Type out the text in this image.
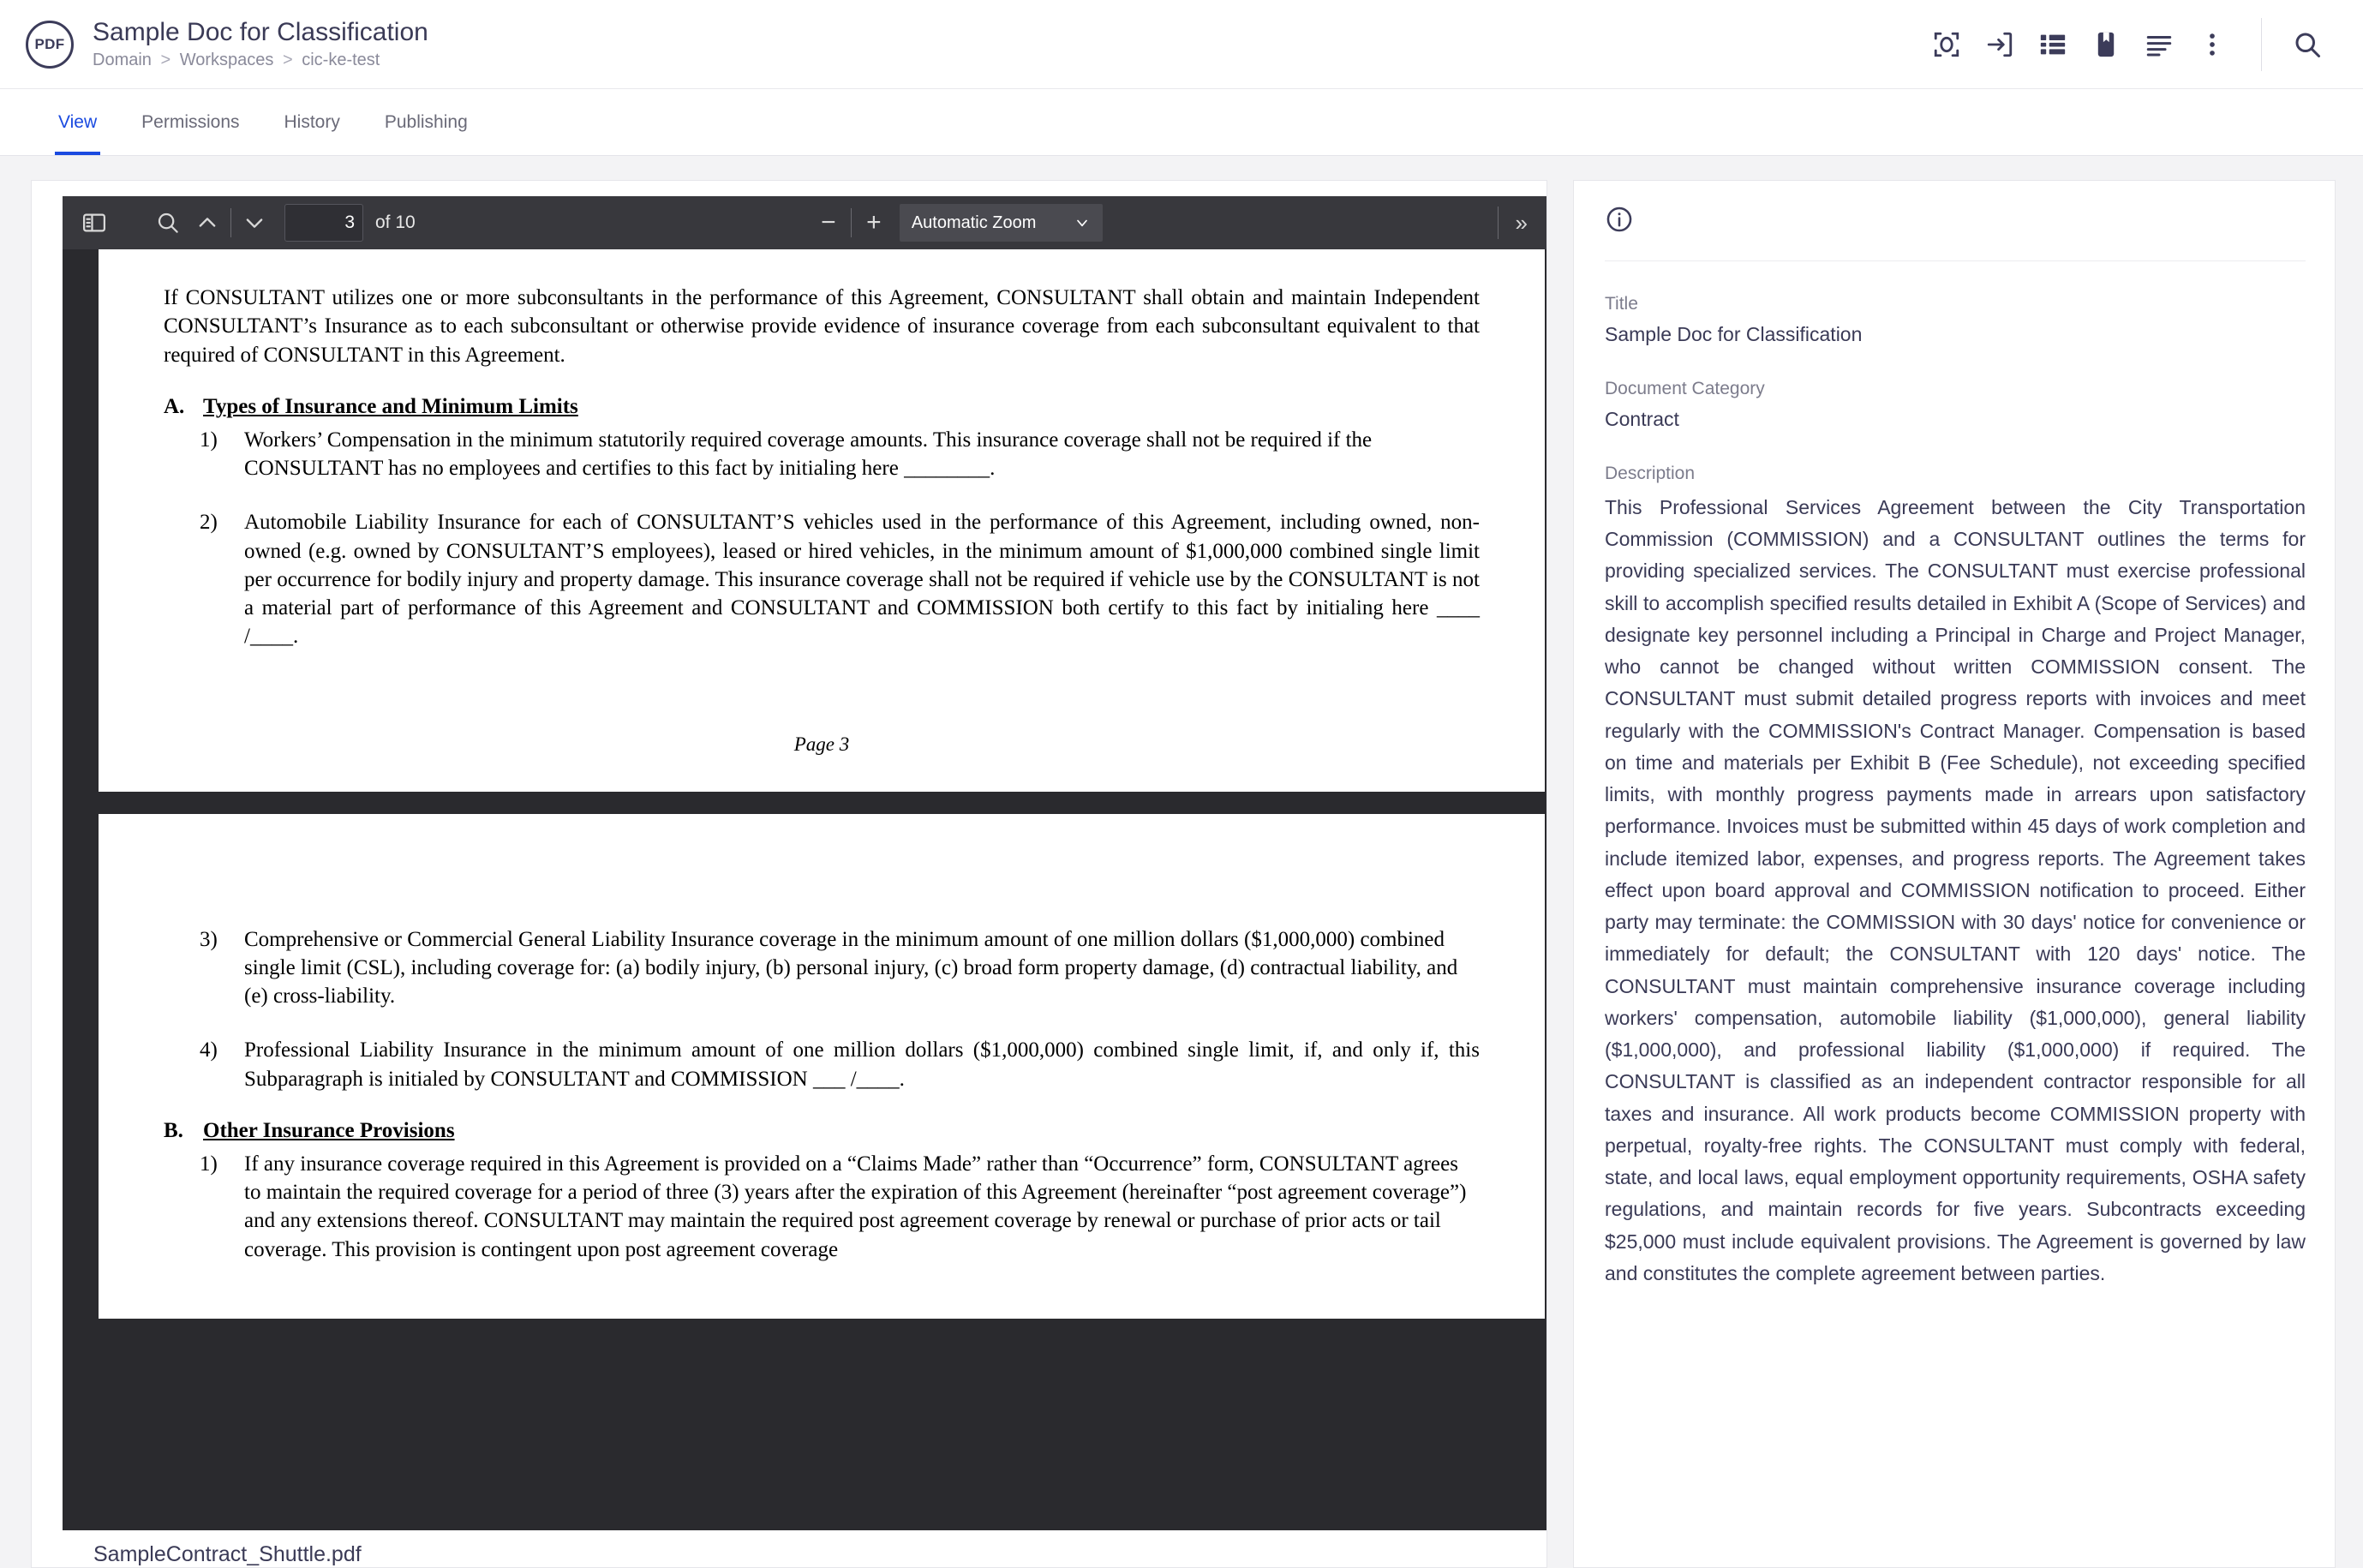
PDF	Sample Doc for Classification
Domain > Workspaces > cic-ke-test
View	Permissions	History	Publishing
3
of 10	−	+	Automatic Zoom	»
If CONSULTANT utilizes one or more subconsultants in the performance of this Agreement, CONSULTANT shall obtain and maintain Independent CONSULTANT’s Insurance as to each subconsultant or otherwise provide evidence of insurance coverage from each subconsultant equivalent to that required of CONSULTANT in this Agreement.
A. Types of Insurance and Minimum Limits
1)	Workers’ Compensation in the minimum statutorily required coverage amounts. This insurance coverage shall not be required if the CONSULTANT has no employees and certifies to this fact by initialing here ________.
2)	Automobile Liability Insurance for each of CONSULTANT’S vehicles used in the performance of this Agreement, including owned, non-owned (e.g. owned by CONSULTANT’S employees), leased or hired vehicles, in the minimum amount of $1,000,000 combined single limit per occurrence for bodily injury and property damage. This insurance coverage shall not be required if vehicle use by the CONSULTANT is not a material part of performance of this Agreement and CONSULTANT and COMMISSION both certify to this fact by initialing here ____ /____.
Page 3
3)	Comprehensive or Commercial General Liability Insurance coverage in the minimum amount of one million dollars ($1,000,000) combined single limit (CSL), including coverage for: (a) bodily injury, (b) personal injury, (c) broad form property damage, (d) contractual liability, and (e) cross-liability.
4)	Professional Liability Insurance in the minimum amount of one million dollars ($1,000,000) combined single limit, if, and only if, this Subparagraph is initialed by CONSULTANT and COMMISSION ___ /____.
B. Other Insurance Provisions
1)	If any insurance coverage required in this Agreement is provided on a “Claims Made” rather than “Occurrence” form, CONSULTANT agrees to maintain the required coverage for a period of three (3) years after the expiration of this Agreement (hereinafter “post agreement coverage”) and any extensions thereof. CONSULTANT may maintain the required post agreement coverage by renewal or purchase of prior acts or tail coverage. This provision is contingent upon post agreement coverage
SampleContract_Shuttle.pdf
Title
Sample Doc for Classification
Document Category
Contract
Description
This Professional Services Agreement between the City Transportation Commission (COMMISSION) and a CONSULTANT outlines the terms for providing specialized services. The CONSULTANT must exercise professional skill to accomplish specified results detailed in Exhibit A (Scope of Services) and designate key personnel including a Principal in Charge and Project Manager, who cannot be changed without written COMMISSION consent. The CONSULTANT must submit detailed progress reports with invoices and meet regularly with the COMMISSION's Contract Manager. Compensation is based on time and materials per Exhibit B (Fee Schedule), not exceeding specified limits, with monthly progress payments made in arrears upon satisfactory performance. Invoices must be submitted within 45 days of work completion and include itemized labor, expenses, and progress reports. The Agreement takes effect upon board approval and COMMISSION notification to proceed. Either party may terminate: the COMMISSION with 30 days' notice for convenience or immediately for default; the CONSULTANT with 120 days' notice. The CONSULTANT must maintain comprehensive insurance coverage including workers' compensation, automobile liability ($1,000,000), general liability ($1,000,000), and professional liability ($1,000,000) if required. The CONSULTANT is classified as an independent contractor responsible for all taxes and insurance. All work products become COMMISSION property with perpetual, royalty-free rights. The CONSULTANT must comply with federal, state, and local laws, equal employment opportunity requirements, OSHA safety regulations, and maintain records for five years. Subcontracts exceeding $25,000 must include equivalent provisions. The Agreement is governed by law and constitutes the complete agreement between parties.
